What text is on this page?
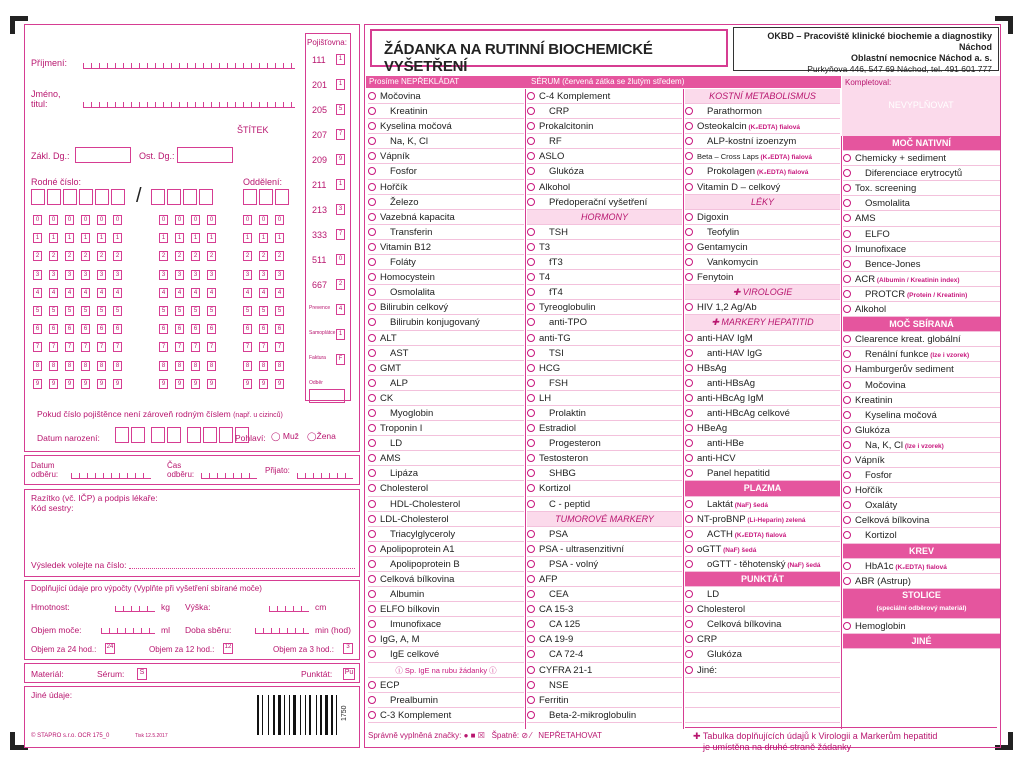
Příjmení:
Jméno,
titul:
ŠTÍTEK
Zákl. Dg.:	Ost. Dg.:
Rodné číslo:	Oddělení:
/
0	0	0	0	0	0	0	0	0	0	0	0	0
1	1	1	1	1	1	1	1	1	1	1	1	1
2	2	2	2	2	2	2	2	2	2	2	2	2
3	3	3	3	3	3	3	3	3	3	3	3	3
4	4	4	4	4	4	4	4	4	4	4	4	4
5	5	5	5	5	5	5	5	5	5	5	5	5
6	6	6	6	6	6	6	6	6	6	6	6	6
7	7	7	7	7	7	7	7	7	7	7	7	7
8	8	8	8	8	8	8	8	8	8	8	8	8
9	9	9	9	9	9	9	9	9	9	9	9	9
Pojišťovna:
111	1
201	1
205	5
207	7
209	9
211	1
213	3
333	7
511	0
667	2
Prevence	4
Samoplátce 1
Faktura	F
Odběr
Pokud číslo pojištěnce není zároveň rodným číslem (např. u cizinců)
Datum narození:	Pohlaví: ◯ Muž ◯Žena
Datum
odběru:
Čas
odběru:	Přijato:
Razítko (vč. IČP) a podpis lékaře:
Kód sestry:
Výsledek volejte na číslo:
Doplňující údaje pro výpočty (Vyplňte při vyšetření sbírané moče)
Hmotnost:	kg Výška:	cm
Objem moče:	ml Doba sběru:	min (hod)
Objem za 24 hod.: 24	Objem za 12 hod.: 12	Objem za 3 hod.:	3
Materiál:	Sérum:	S	Punktát: Pu
Jiné údaje:
© STAPRO s.r.o. OCR 175_0	Tisk 12.5.2017
1750
ŽÁDANKA NA RUTINNÍ BIOCHEMICKÉ VYŠETŘENÍ
OKBD – Pracoviště klinické biochemie a diagnostiky Náchod
Oblastní nemocnice Náchod a. s.
Purkyňova 446, 547 69 Náchod, tel. 491 601 777
Prosíme NEPŘEKLÁDAT	SÉRUM (červená zátka se žlutým středem)	Kompletoval:
NEVYPLŇOVAT
Močovina
Kreatinin
Kyselina močová
Na, K, Cl
Vápník
Fosfor
Hořčík
Železo
Vazebná kapacita
Transferin
Vitamin B12
Foláty
Homocystein
Osmolalita
Bilirubin celkový
Bilirubin konjugovaný
ALT
AST
GMT
ALP
CK
Myoglobin
Troponin I
LD
AMS
Lipáza
Cholesterol
HDL-Cholesterol
LDL-Cholesterol
Triacylglyceroly
Apolipoprotein A1
Apolipoprotein B
Celková bílkovina
Albumin
ELFO bílkovin
Imunofixace
IgG, A, M
IgE celkové
ⓘ Sp. IgE na rubu žádanky ⓘ
ECP
Prealbumin
C-3 Komplement
C-4 Komplement
CRP
Prokalcitonin
RF
ASLO
Glukóza
Alkohol
Předoperační vyšetření
HORMONY
TSH
T3
fT3
T4
fT4
Tyreoglobulin
anti-TPO
anti-TG
TSI
HCG
FSH
LH
Prolaktin
Estradiol
Progesteron
Testosteron
SHBG
Kortizol
C - peptid
TUMOROVÉ MARKERY
PSA
PSA - ultrasenzitivní
PSA - volný
AFP
CEA
CA 15-3
CA 125
CA 19-9
CA 72-4
CYFRA 21-1
NSE
Ferritin
Beta-2-mikroglobulin
KOSTNÍ METABOLISMUS
Parathormon
Osteokalcin (K₂EDTA) fialová
ALP-kostní izoenzym
Beta – Cross Laps (K₂EDTA) fialová
Prokolagen (K₂EDTA) fialová
Vitamin D – celkový
LÉKY
Digoxin
Teofylin
Gentamycin
Vankomycin
Fenytoin
✚ VIROLOGIE
HIV 1,2 Ag/Ab
✚ MARKERY HEPATITID
anti-HAV IgM
anti-HAV IgG
HBsAg
anti-HBsAg
anti-HBcAg IgM
anti-HBcAg celkové
HBeAg
anti-HBe
anti-HCV
Panel hepatitid
PLAZMA
Laktát (NaF) šedá
NT-proBNP (Li-Heparin) zelená
ACTH (K₂EDTA) fialová
oGTT (NaF) šedá
oGTT - těhotenský (NaF) šedá
PUNKTÁT
LD
Cholesterol
Celková bílkovina
CRP
Glukóza
Jiné:
MOČ NATIVNÍ
Chemicky + sediment
Diferenciace erytrocytů
Tox. screening
Osmolalita
AMS
ELFO
Imunofixace
Bence-Jones
ACR (Albumin / Kreatinin index)
PROTCR (Protein / Kreatinin)
Alkohol
MOČ SBÍRANÁ
Clearence kreat. globální
Renální funkce (lze i vzorek)
Hamburgerův sediment
Močovina
Kreatinin
Kyselina močová
Glukóza
Na, K, Cl (lze i vzorek)
Vápník
Fosfor
Hořčík
Oxaláty
Celková bílkovina
Kortizol
KREV
HbA1c (K₂EDTA) fialová
ABR (Astrup)
STOLICE
(speciální odběrový materiál)
Hemoglobin
JINÉ
Správně vyplněná značky: ● ■ ☒   Špatně: ⊘ ⁄   NEPŘETAHOVAT	✚ Tabulka doplňujících údajů k Virologii a Markerům hepatitid
je umístěna na druhé straně žádanky
